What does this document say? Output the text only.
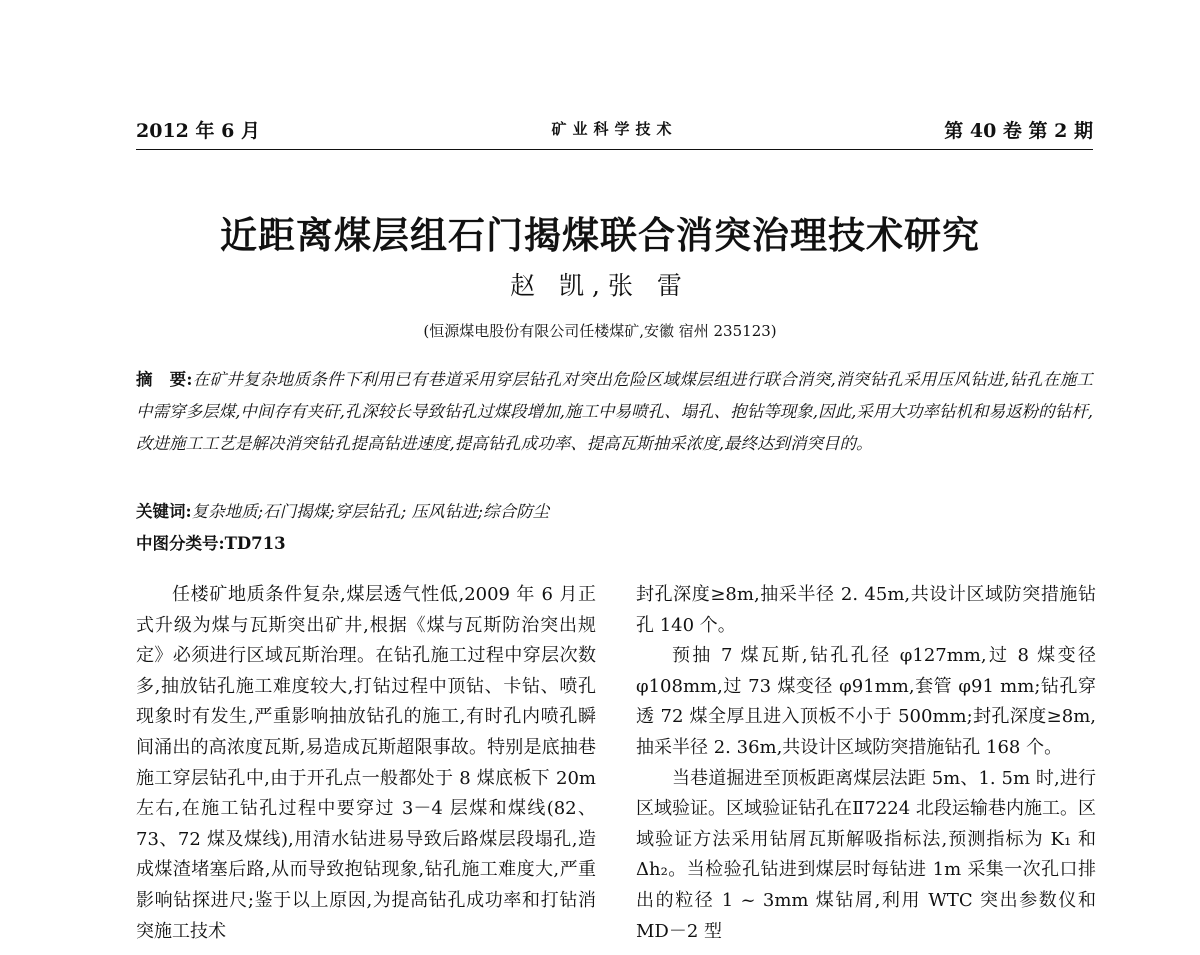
2012 年 6 月	矿业科学技术	第 40 卷 第 2 期
近距离煤层组石门揭煤联合消突治理技术研究
赵 凯,张 雷
(恒源煤电股份有限公司任楼煤矿,安徽 宿州 235123)

摘　要:在矿井复杂地质条件下利用已有巷道采用穿层钻孔对突出危险区域煤层组进行联合消突,消突钻孔采用压风钻进,钻孔在施工中需穿多层煤,中间存有夹矸,孔深较长导致钻孔过煤段增加,施工中易喷孔、塌孔、抱钻等现象,因此,采用大功率钻机和易返粉的钻杆,改进施工工艺是解决消突钻孔提高钻进速度,提高钻孔成功率、提高瓦斯抽采浓度,最终达到消突目的。

关键词:复杂地质;石门揭煤;穿层钻孔; 压风钻进;综合防尘

中图分类号:TD713

任楼矿地质条件复杂,煤层透气性低,2009 年 6 月正式升级为煤与瓦斯突出矿井,根据《煤与瓦斯防治突出规定》必须进行区域瓦斯治理。在钻孔施工过程中穿层次数多,抽放钻孔施工难度较大,打钻过程中顶钻、卡钻、喷孔现象时有发生,严重影响抽放钻孔的施工,有时孔内喷孔瞬间涌出的高浓度瓦斯,易造成瓦斯超限事故。特别是底抽巷施工穿层钻孔中,由于开孔点一般都处于 8 煤底板下 20m 左右,在施工钻孔过程中要穿过 3－4 层煤和煤线(82、73、72 煤及煤线),用清水钻进易导致后路煤层段塌孔,造成煤渣堵塞后路,从而导致抱钻现象,钻孔施工难度大,严重影响钻探进尺;鉴于以上原因,为提高钻孔成功率和打钻消突施工技术

封孔深度≥8m,抽采半径 2. 45m,共设计区域防突措施钻孔 140 个。

预抽 7 煤瓦斯,钻孔孔径 φ127mm,过 8 煤变径 φ108mm,过 73 煤变径 φ91mm,套管 φ91 mm;钻孔穿透 72 煤全厚且进入顶板不小于 500mm;封孔深度≥8m,抽采半径 2. 36m,共设计区域防突措施钻孔 168 个。

当巷道掘进至顶板距离煤层法距 5m、1. 5m 时,进行区域验证。区域验证钻孔在Ⅱ7224 北段运输巷内施工。区域验证方法采用钻屑瓦斯解吸指标法,预测指标为 K₁ 和 Δh₂。当检验孔钻进到煤层时每钻进 1m 采集一次孔口排出的粒径 1 ~ 3mm 煤钻屑,利用 WTC 突出参数仪和 MD－2 型
